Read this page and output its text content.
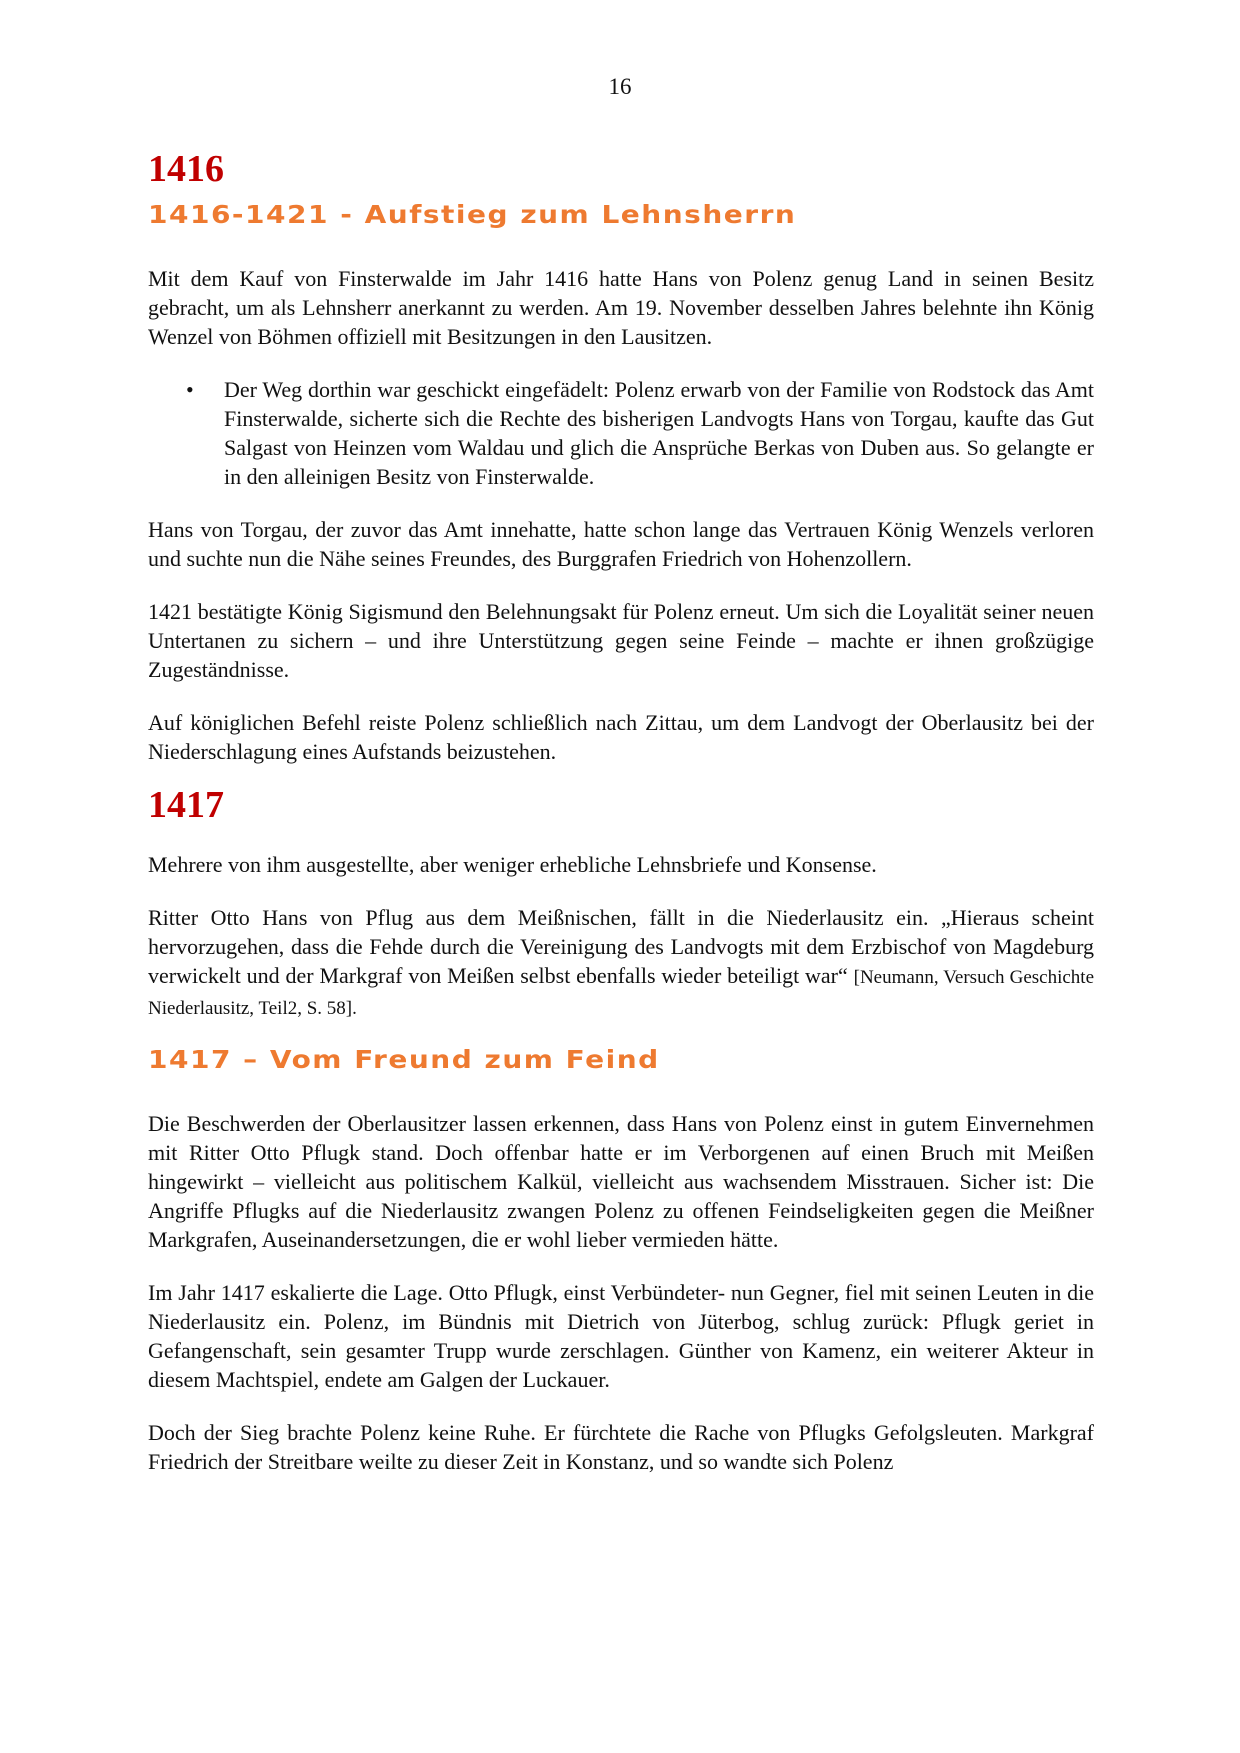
16
1416
1416-1421 - Aufstieg zum Lehnsherrn

Mit dem Kauf von Finsterwalde im Jahr 1416 hatte Hans von Polenz genug Land in seinen Besitz gebracht, um als Lehnsherr anerkannt zu werden. Am 19. November desselben Jahres belehnte ihn König Wenzel von Böhmen offiziell mit Besitzungen in den Lausitzen.

• Der Weg dorthin war geschickt eingefädelt: Polenz erwarb von der Familie von Rodstock das Amt Finsterwalde, sicherte sich die Rechte des bisherigen Landvogts Hans von Torgau, kaufte das Gut Salgast von Heinzen vom Waldau und glich die Ansprüche Berkas von Duben aus. So gelangte er in den alleinigen Besitz von Finsterwalde.

Hans von Torgau, der zuvor das Amt innehatte, hatte schon lange das Vertrauen König Wenzels verloren und suchte nun die Nähe seines Freundes, des Burggrafen Friedrich von Hohenzollern.

1421 bestätigte König Sigismund den Belehnungsakt für Polenz erneut. Um sich die Loyalität seiner neuen Untertanen zu sichern – und ihre Unterstützung gegen seine Feinde – machte er ihnen großzügige Zugeständnisse.

Auf königlichen Befehl reiste Polenz schließlich nach Zittau, um dem Landvogt der Oberlausitz bei der Niederschlagung eines Aufstands beizustehen.

1417

Mehrere von ihm ausgestellte, aber weniger erhebliche Lehnsbriefe und Konsense.

Ritter Otto Hans von Pflug aus dem Meißnischen, fällt in die Niederlausitz ein. „Hieraus scheint hervorzugehen, dass die Fehde durch die Vereinigung des Landvogts mit dem Erzbischof von Magdeburg verwickelt und der Markgraf von Meißen selbst ebenfalls wieder beteiligt war“ [Neumann, Versuch Geschichte Niederlausitz, Teil2, S. 58].

1417 – Vom Freund zum Feind

Die Beschwerden der Oberlausitzer lassen erkennen, dass Hans von Polenz einst in gutem Einvernehmen mit Ritter Otto Pflugk stand. Doch offenbar hatte er im Verborgenen auf einen Bruch mit Meißen hingewirkt – vielleicht aus politischem Kalkül, vielleicht aus wachsendem Misstrauen. Sicher ist: Die Angriffe Pflugks auf die Niederlausitz zwangen Polenz zu offenen Feindseligkeiten gegen die Meißner Markgrafen, Auseinandersetzungen, die er wohl lieber vermieden hätte.

Im Jahr 1417 eskalierte die Lage. Otto Pflugk, einst Verbündeter- nun Gegner, fiel mit seinen Leuten in die Niederlausitz ein. Polenz, im Bündnis mit Dietrich von Jüterbog, schlug zurück: Pflugk geriet in Gefangenschaft, sein gesamter Trupp wurde zerschlagen. Günther von Kamenz, ein weiterer Akteur in diesem Machtspiel, endete am Galgen der Luckauer.

Doch der Sieg brachte Polenz keine Ruhe. Er fürchtete die Rache von Pflugks Gefolgsleuten. Markgraf Friedrich der Streitbare weilte zu dieser Zeit in Konstanz, und so wandte sich Polenz
